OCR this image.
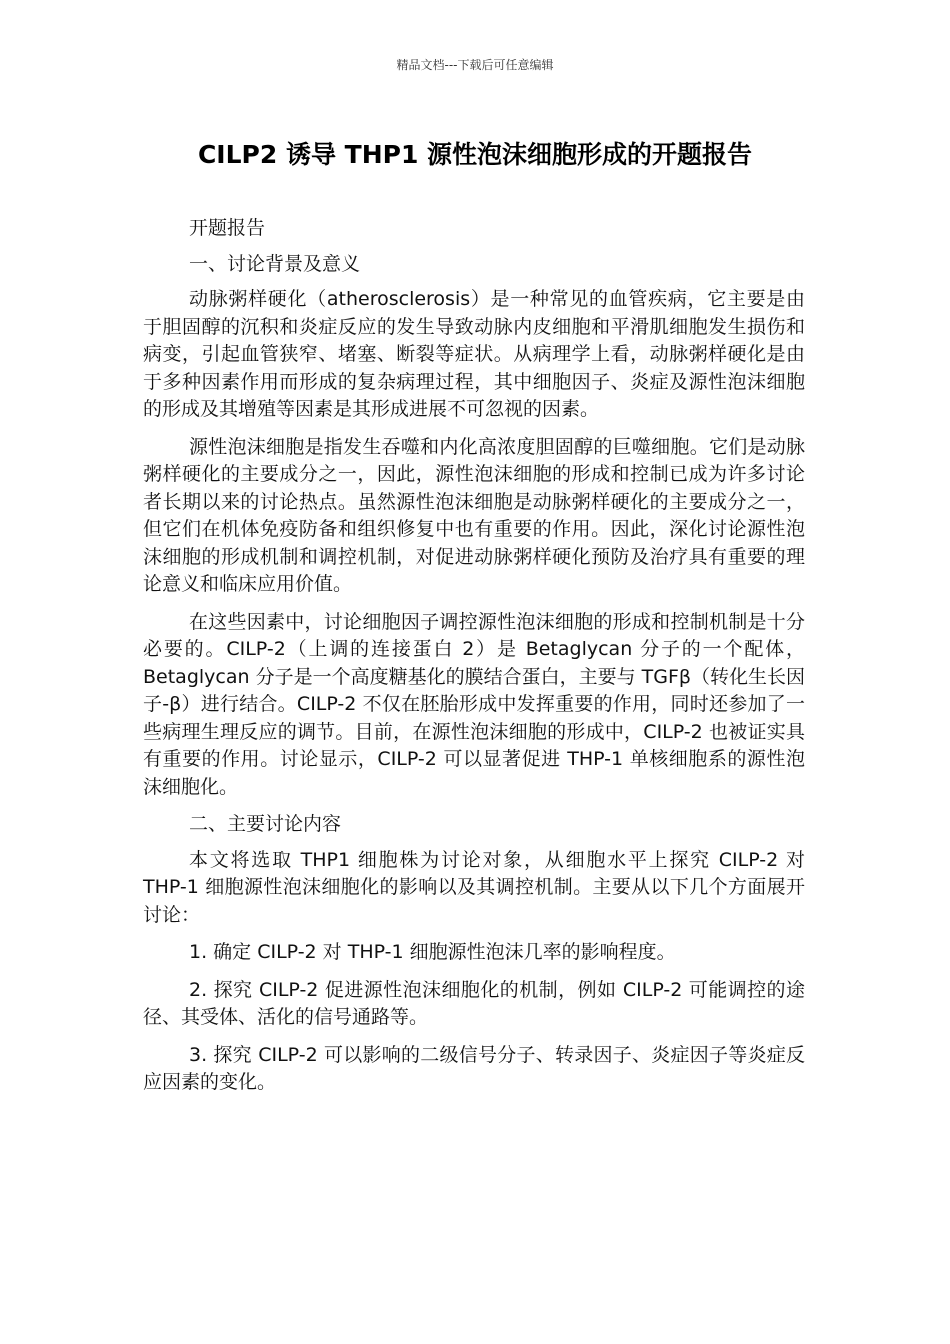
精品文档---下载后可任意编辑
CILP2 诱导 THP1 源性泡沫细胞形成的开题报告

开题报告

一、讨论背景及意义

动脉粥样硬化（atherosclerosis）是一种常见的血管疾病，它主要是由于胆固醇的沉积和炎症反应的发生导致动脉内皮细胞和平滑肌细胞发生损伤和病变，引起血管狭窄、堵塞、断裂等症状。从病理学上看，动脉粥样硬化是由于多种因素作用而形成的复杂病理过程，其中细胞因子、炎症及源性泡沫细胞的形成及其增殖等因素是其形成进展不可忽视的因素。

源性泡沫细胞是指发生吞噬和内化高浓度胆固醇的巨噬细胞。它们是动脉粥样硬化的主要成分之一，因此，源性泡沫细胞的形成和控制已成为许多讨论者长期以来的讨论热点。虽然源性泡沫细胞是动脉粥样硬化的主要成分之一，但它们在机体免疫防备和组织修复中也有重要的作用。因此，深化讨论源性泡沫细胞的形成机制和调控机制，对促进动脉粥样硬化预防及治疗具有重要的理论意义和临床应用价值。

在这些因素中，讨论细胞因子调控源性泡沫细胞的形成和控制机制是十分必要的。CILP-2（上调的连接蛋白 2）是 Betaglycan 分子的一个配体，Betaglycan 分子是一个高度糖基化的膜结合蛋白，主要与 TGFβ（转化生长因子-β）进行结合。CILP-2 不仅在胚胎形成中发挥重要的作用，同时还参加了一些病理生理反应的调节。目前，在源性泡沫细胞的形成中，CILP-2 也被证实具有重要的作用。讨论显示，CILP-2 可以显著促进 THP-1 单核细胞系的源性泡沫细胞化。

二、主要讨论内容

本文将选取 THP1 细胞株为讨论对象，从细胞水平上探究 CILP-2 对 THP-1 细胞源性泡沫细胞化的影响以及其调控机制。主要从以下几个方面展开讨论：

1. 确定 CILP-2 对 THP-1 细胞源性泡沫几率的影响程度。

2. 探究 CILP-2 促进源性泡沫细胞化的机制，例如 CILP-2 可能调控的途径、其受体、活化的信号通路等。

3. 探究 CILP-2 可以影响的二级信号分子、转录因子、炎症因子等炎症反应因素的变化。
